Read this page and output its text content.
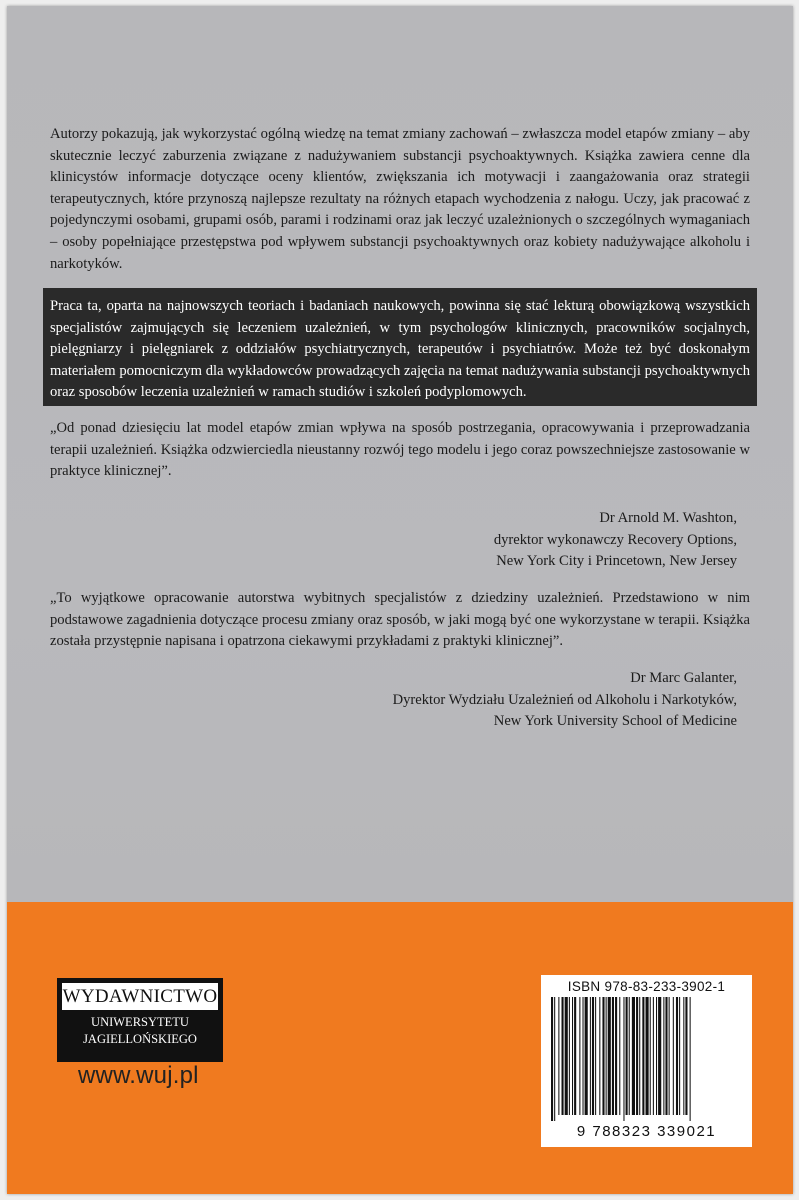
Autorzy pokazują, jak wykorzystać ogólną wiedzę na temat zmiany zachowań – zwłaszcza model etapów zmiany – aby skutecznie leczyć zaburzenia związane z nadużywaniem substancji psychoaktywnych. Książka zawiera cenne dla klinicystów informacje dotyczące oceny klientów, zwiększania ich motywacji i zaangażowania oraz strategii terapeutycznych, które przynoszą najlepsze rezultaty na różnych etapach wychodzenia z nałogu. Uczy, jak pracować z pojedynczymi osobami, grupami osób, parami i rodzinami oraz jak leczyć uzależnionych o szczególnych wymaganiach – osoby popełniające przestępstwa pod wpływem substancji psychoaktywnych oraz kobiety nadużywające alkoholu i narkotyków.
Praca ta, oparta na najnowszych teoriach i badaniach naukowych, powinna się stać lekturą obowiązkową wszystkich specjalistów zajmujących się leczeniem uzależnień, w tym psychologów klinicznych, pracowników socjalnych, pielęgniarzy i pielęgniarek z oddziałów psychiatrycznych, terapeutów i psychiatrów. Może też być doskonałym materiałem pomocniczym dla wykładowców prowadzących zajęcia na temat nadużywania substancji psychoaktywnych oraz sposobów leczenia uzależnień w ramach studiów i szkoleń podyplomowych.
„Od ponad dziesięciu lat model etapów zmian wpływa na sposób postrzegania, opracowywania i przeprowadzania terapii uzależnień. Książka odzwierciedla nieustanny rozwój tego modelu i jego coraz powszechniejsze zastosowanie w praktyce klinicznej”.
Dr Arnold M. Washton,
dyrektor wykonawczy Recovery Options,
New York City i Princetown, New Jersey
„To wyjątkowe opracowanie autorstwa wybitnych specjalistów z dziedziny uzależnień. Przedstawiono w nim podstawowe zagadnienia dotyczące procesu zmiany oraz sposób, w jaki mogą być one wykorzystane w terapii. Książka została przystępnie napisana i opatrzona ciekawymi przykładami z praktyki klinicznej”.
Dr Marc Galanter,
Dyrektor Wydziału Uzależnień od Alkoholu i Narkotyków,
New York University School of Medicine
WYDAWNICTWO
UNIWERSYTETU
JAGIELLOŃSKIEGO
www.wuj.pl
ISBN 978-83-233-3902-1
9 788323 339021
